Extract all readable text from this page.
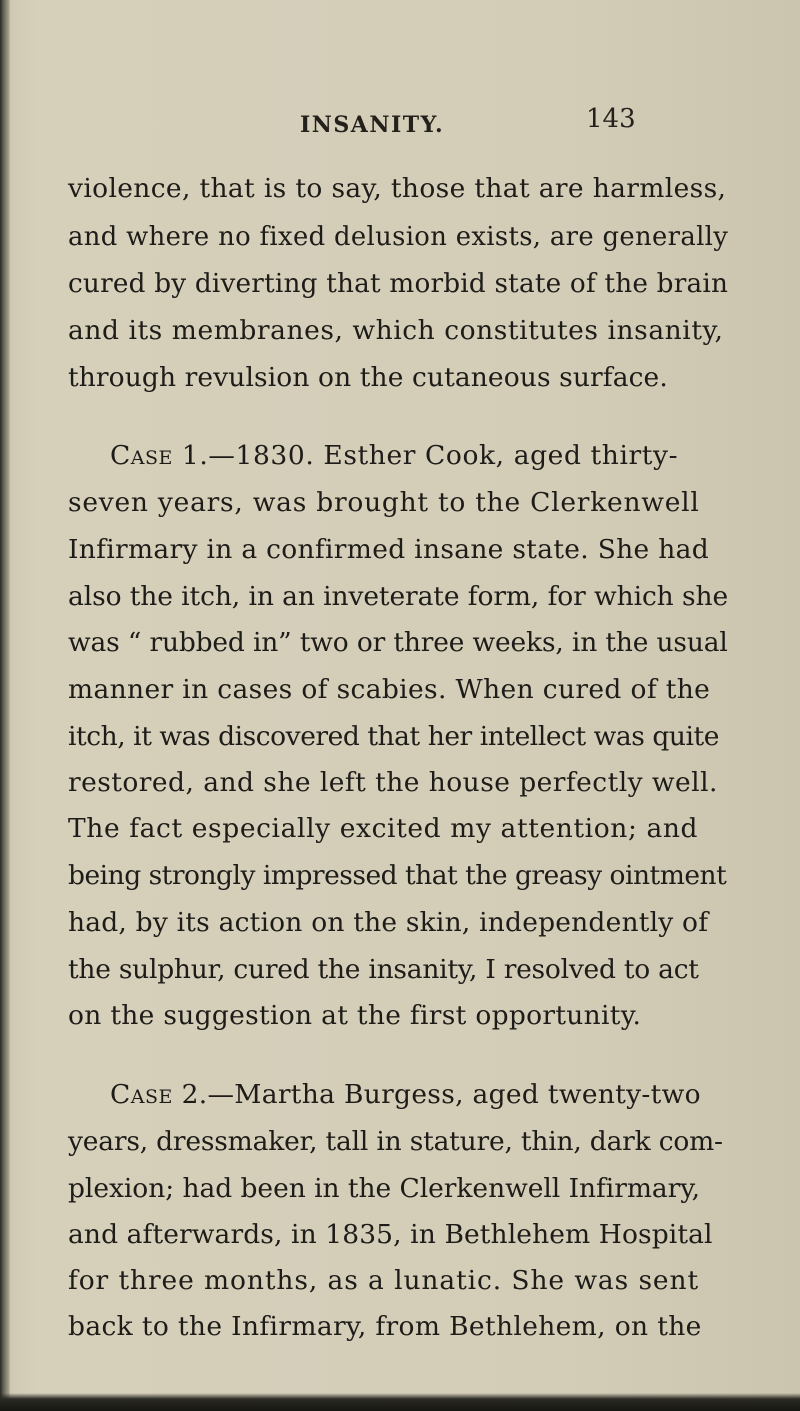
INSANITY.	143
violence, that is to say, those that are harmless,
and where no fixed delusion exists, are generally
cured by diverting that morbid state of the brain
and its membranes, which constitutes insanity,
through revulsion on the cutaneous surface.
Case 1.—1830. Esther Cook, aged thirty-
seven years, was brought to the Clerkenwell
Infirmary in a confirmed insane state. She had
also the itch, in an inveterate form, for which she
was “ rubbed in” two or three weeks, in the usual
manner in cases of scabies. When cured of the
itch, it was discovered that her intellect was quite
restored, and she left the house perfectly well.
The fact especially excited my attention; and
being strongly impressed that the greasy ointment
had, by its action on the skin, independently of
the sulphur, cured the insanity, I resolved to act
on the suggestion at the first opportunity.
Case 2.—Martha Burgess, aged twenty-two
years, dressmaker, tall in stature, thin, dark com-
plexion; had been in the Clerkenwell Infirmary,
and afterwards, in 1835, in Bethlehem Hospital
for three months, as a lunatic. She was sent
back to the Infirmary, from Bethlehem, on the
